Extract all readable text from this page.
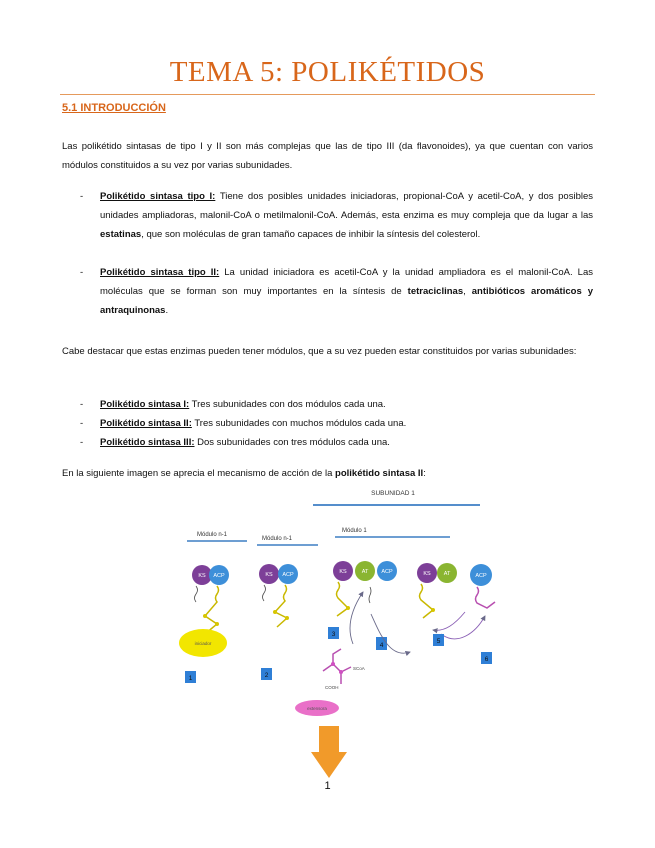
TEMA 5: POLIKÉTIDOS
5.1 INTRODUCCIÓN
Las polikétido sintasas de tipo I y II son más complejas que las de tipo III (da flavonoides), ya que cuentan con varios módulos constituidos a su vez por varias subunidades.
- Polikétido sintasa tipo I: Tiene dos posibles unidades iniciadoras, propional-CoA y acetil-CoA, y dos posibles unidades ampliadoras, malonil-CoA o metilmalonil-CoA. Además, esta enzima es muy compleja que da lugar a las estatinas, que son moléculas de gran tamaño capaces de inhibir la síntesis del colesterol.
- Polikétido sintasa tipo II: La unidad iniciadora es acetil-CoA y la unidad ampliadora es el malonil-CoA. Las moléculas que se forman son muy importantes en la síntesis de tetraciclinas, antibióticos aromáticos y antraquinonas.
Cabe destacar que estas enzimas pueden tener módulos, que a su vez pueden estar constituidos por varias subunidades:
- Polikétido sintasa I: Tres subunidades con dos módulos cada una.
- Polikétido sintasa II: Tres subunidades con muchos módulos cada una.
- Polikétido sintasa III: Dos subunidades con tres módulos cada una.
En la siguiente imagen se aprecia el mecanismo de acción de la polikétido sintasa II:
SUBUNIDAD 1
Módulo n-1
Módulo n-1
Módulo 1
KS ACP
iniciador
1
KS ACP
2
KS	AT ACP
3
4
SCoA
COOH
extensora
KS AT	ACP
5
6
1
